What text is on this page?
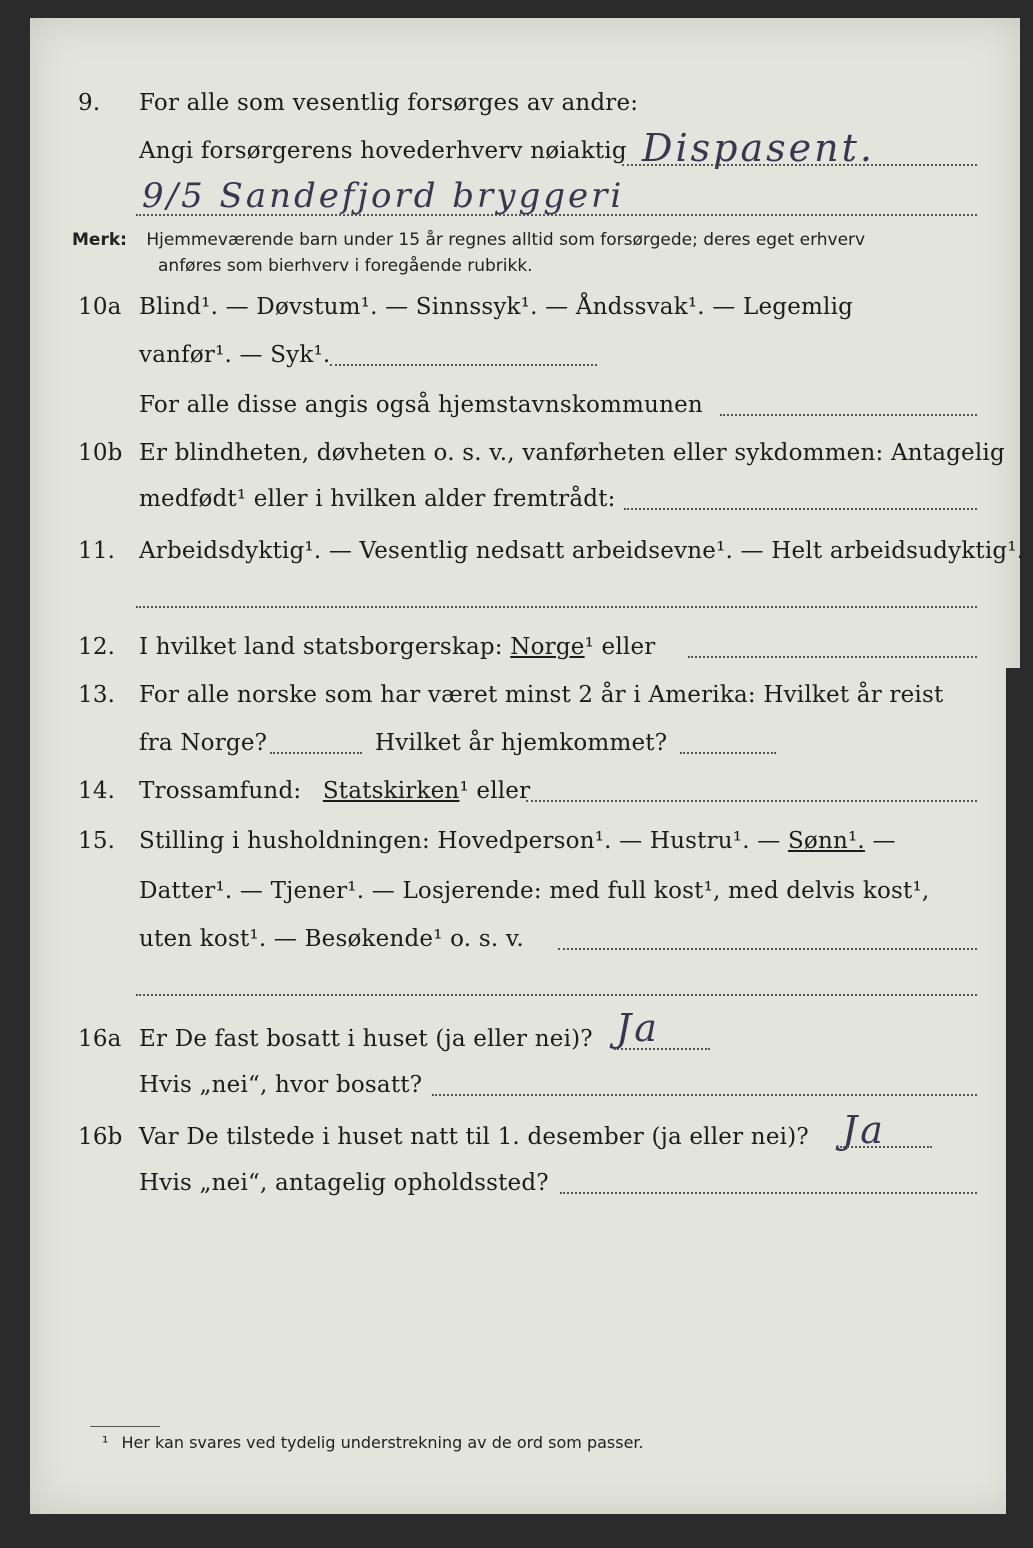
9. For alle som vesentlig forsørges av andre:
Angi forsørgerens hovederhverv nøiaktig Dispasent.
9/5 Sandefjord bryggeri
Merk: Hjemmeværende barn under 15 år regnes alltid som forsørgede; deres eget erhverv
anføres som bierhverv i foregående rubrikk.
10a Blind¹. — Døvstum¹. — Sinnssyk¹. — Åndssvak¹. — Legemlig
vanfør¹. — Syk¹.
For alle disse angis også hjemstavnskommunen
10b Er blindheten, døvheten o. s. v., vanførheten eller sykdommen: Antagelig
medfødt¹ eller i hvilken alder fremtrådt:
11. Arbeidsdyktig¹. — Vesentlig nedsatt arbeidsevne¹. — Helt arbeidsudyktig¹.
12. I hvilket land statsborgerskap: Norge¹ eller
13. For alle norske som har været minst 2 år i Amerika: Hvilket år reist
fra Norge?	Hvilket år hjemkommet?
14. Trossamfund: Statskirken¹ eller
15. Stilling i husholdningen: Hovedperson¹. — Hustru¹. — Sønn¹. —
Datter¹. — Tjener¹. — Losjerende: med full kost¹, med delvis kost¹,
uten kost¹. — Besøkende¹ o. s. v.
16a Er De fast bosatt i huset (ja eller nei)? Ja
Hvis „nei“, hvor bosatt?
16b Var De tilstede i huset natt til 1. desember (ja eller nei)? Ja
Hvis „nei“, antagelig opholdssted?
¹ Her kan svares ved tydelig understrekning av de ord som passer.
